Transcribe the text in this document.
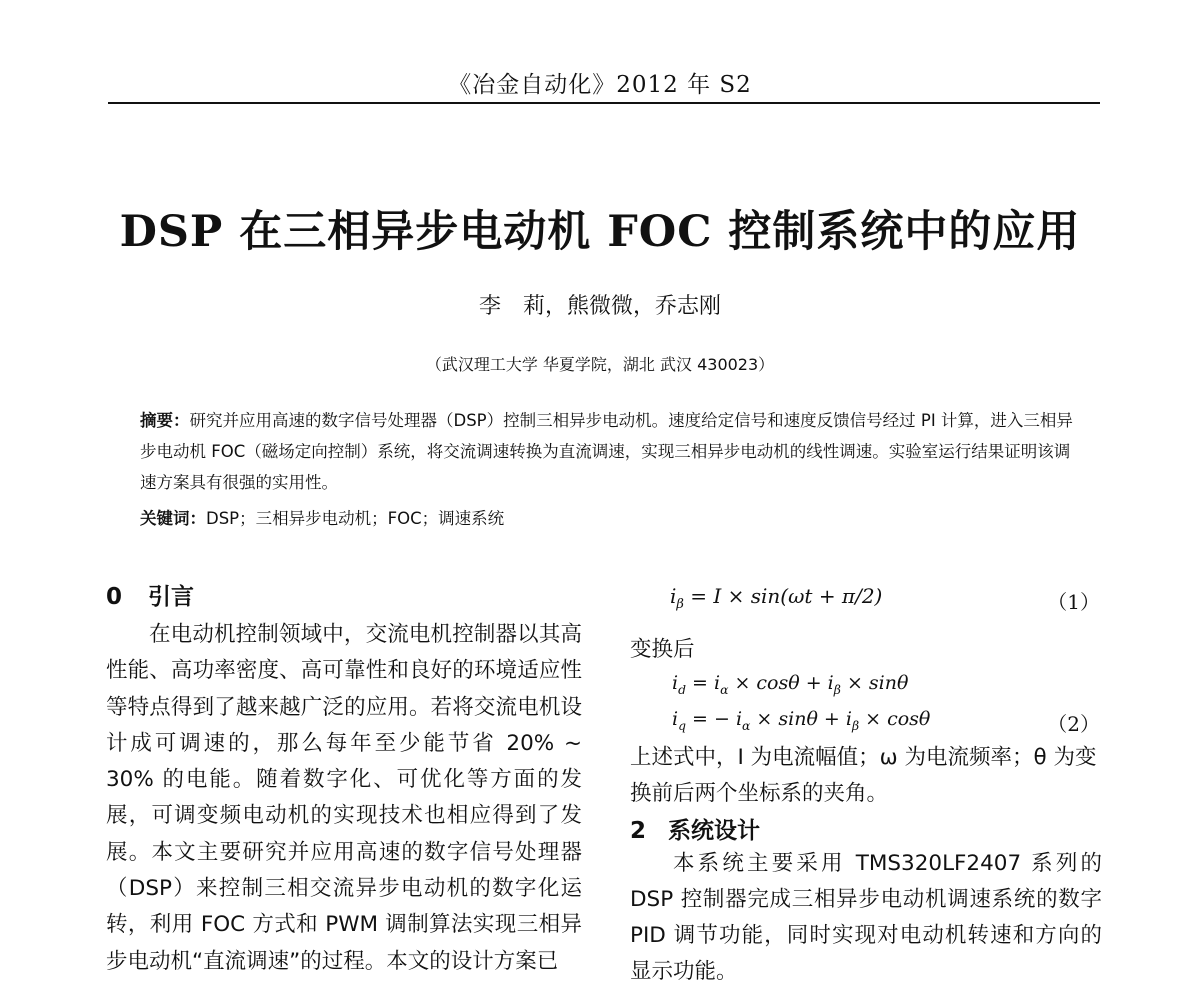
《冶金自动化》2012 年 S2
DSP 在三相异步电动机 FOC 控制系统中的应用
李　莉，熊微微，乔志刚
（武汉理工大学 华夏学院，湖北 武汉 430023）
摘要：研究并应用高速的数字信号处理器（DSP）控制三相异步电动机。速度给定信号和速度反馈信号经过 PI 计算，进入三相异步电动机 FOC（磁场定向控制）系统，将交流调速转换为直流调速，实现三相异步电动机的线性调速。实验室运行结果证明该调速方案具有很强的实用性。
关键词：DSP；三相异步电动机；FOC；调速系统
0 引言

在电动机控制领域中，交流电机控制器以其高性能、高功率密度、高可靠性和良好的环境适应性等特点得到了越来越广泛的应用。若将交流电机设计成可调速的，那么每年至少能节省 20% ~ 30% 的电能。随着数字化、可优化等方面的发展，可调变频电动机的实现技术也相应得到了发展。本文主要研究并应用高速的数字信号处理器（DSP）来控制三相交流异步电动机的数字化运转，利用 FOC 方式和 PWM 调制算法实现三相异步电动机“直流调速”的过程。本文的设计方案已

$i_\beta = I \times \sin(\omega t + \pi/2)$	（1）
变换后
$i_d = i_\alpha \times \cos\theta + i_\beta \times \sin\theta$
$i_q$ = − $i_\alpha \times \sin\theta + i_\beta \times \cos\theta$	（2）
上述式中，I 为电流幅值；ω 为电流频率；θ 为变换前后两个坐标系的夹角。
2 系统设计

本系统主要采用 TMS320LF2407 系列的 DSP 控制器完成三相异步电动机调速系统的数字 PID 调节功能，同时实现对电动机转速和方向的显示功能。
